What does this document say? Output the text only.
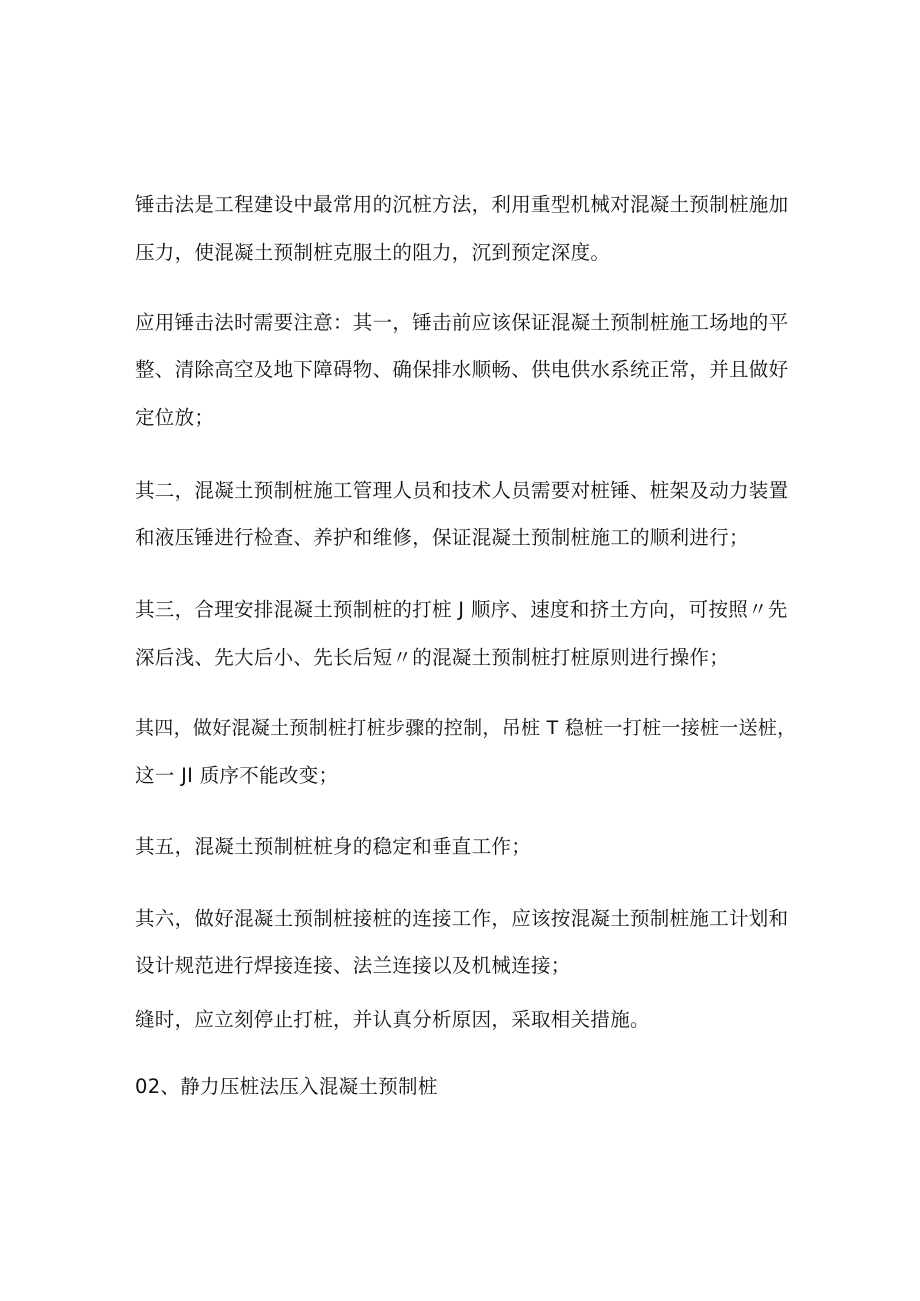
锤击法是工程建设中最常用的沉桩方法，利用重型机械对混凝土预制桩施加
压力，使混凝土预制桩克服土的阻力，沉到预定深度。
应用锤击法时需要注意：其一，锤击前应该保证混凝土预制桩施工场地的平
整、清除高空及地下障碍物、确保排水顺畅、供电供水系统正常，并且做好
定位放；
其二，混凝土预制桩施工管理人员和技术人员需要对桩锤、桩架及动力装置
和液压锤进行检查、养护和维修，保证混凝土预制桩施工的顺利进行；
其三，合理安排混凝土预制桩的打桩 J 顺序、速度和挤土方向，可按照〃先
深后浅、先大后小、先长后短〃的混凝土预制桩打桩原则进行操作；
其四，做好混凝土预制桩打桩步骤的控制，吊桩 T 稳桩一打桩一接桩一送桩，
这一 JI 质序不能改变；
其五，混凝土预制桩桩身的稳定和垂直工作；
其六，做好混凝土预制桩接桩的连接工作，应该按混凝土预制桩施工计划和
设计规范进行焊接连接、法兰连接以及机械连接；
缝时，应立刻停止打桩，并认真分析原因，采取相关措施。
02、静力压桩法压入混凝土预制桩
